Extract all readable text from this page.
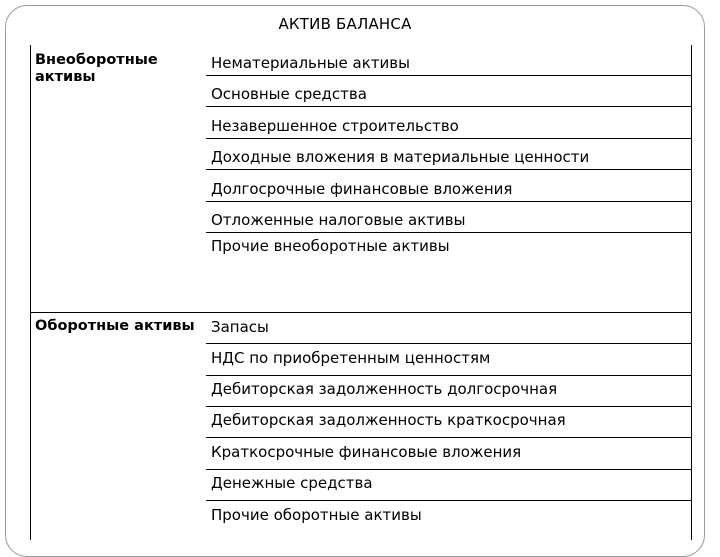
АКТИВ БАЛАНСА
Внеоборотные активы
Нематериальные активы
Основные средства
Незавершенное строительство
Доходные вложения в материальные ценности
Долгосрочные финансовые вложения
Отложенные налоговые активы
Прочие внеоборотные активы
Оборотные активы	Запасы
НДС по приобретенным ценностям
Дебиторская задолженность долгосрочная
Дебиторская задолженность краткосрочная
Краткосрочные финансовые вложения
Денежные средства
Прочие оборотные активы
